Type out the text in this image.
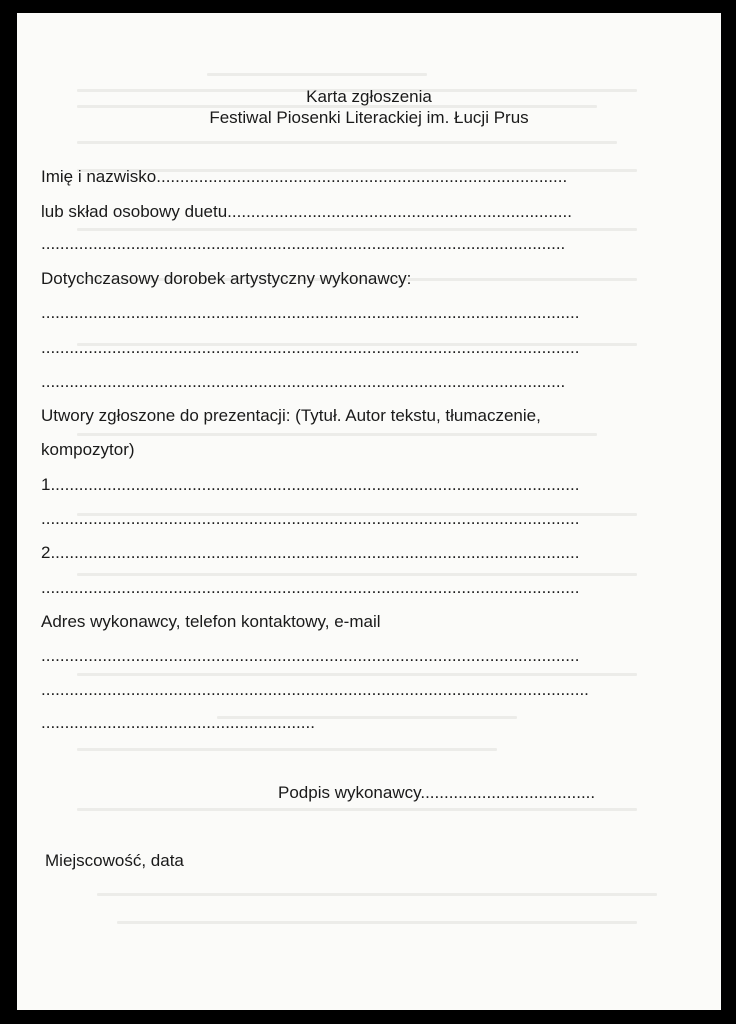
Karta zgłoszenia
Festiwal Piosenki Literackiej im. Łucji Prus
Imię i nazwisko.......................................................................................
lub skład osobowy duetu.........................................................................
...............................................................................................................
Dotychczasowy dorobek artystyczny wykonawcy:
..................................................................................................................
..................................................................................................................
...............................................................................................................
Utwory zgłoszone do prezentacji: (Tytuł. Autor tekstu, tłumaczenie,
kompozytor)
1................................................................................................................
..................................................................................................................
2................................................................................................................
..................................................................................................................
Adres wykonawcy, telefon kontaktowy, e-mail
..................................................................................................................
....................................................................................................................
..........................................................
Podpis wykonawcy.....................................
Miejscowość, data
